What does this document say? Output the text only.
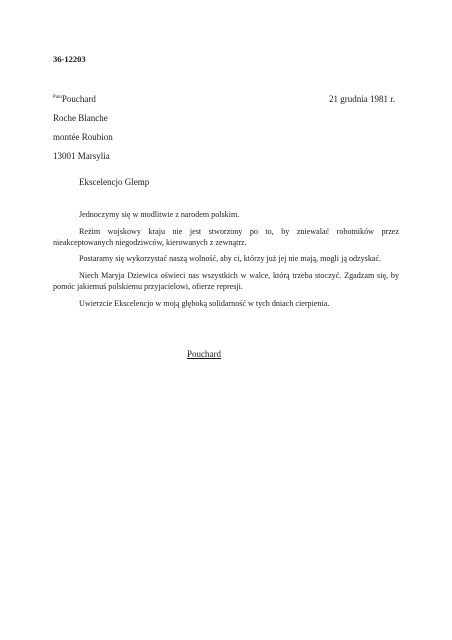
36-12203
$^{Pani}$Pouchard
Roche Blanche
montée Roubion
13001 Marsylia
21 grudnia 1981 r.
Ekscelencjo Glemp

Jednoczymy się w modlitwie z narodem polskim.

Reżim wojskowy kraju nie jest stworzony po to, by zniewalać robotników przez nieakceptowanych niegodziwców, kierowanych z zewnątrz.

Postaramy się wykorzystać naszą wolność, aby ci, którzy już jej nie mają, mogli ją odzyskać.

Niech Maryja Dziewica oświeci nas wszystkich w walce, którą trzeba stoczyć. Zgadzam się, by pomóc jakiemuś polskiemu przyjacielowi, ofierze represji.

Uwierzcie Ekscelencjo w moją głęboką solidarność w tych dniach cierpienia.

Pouchard
